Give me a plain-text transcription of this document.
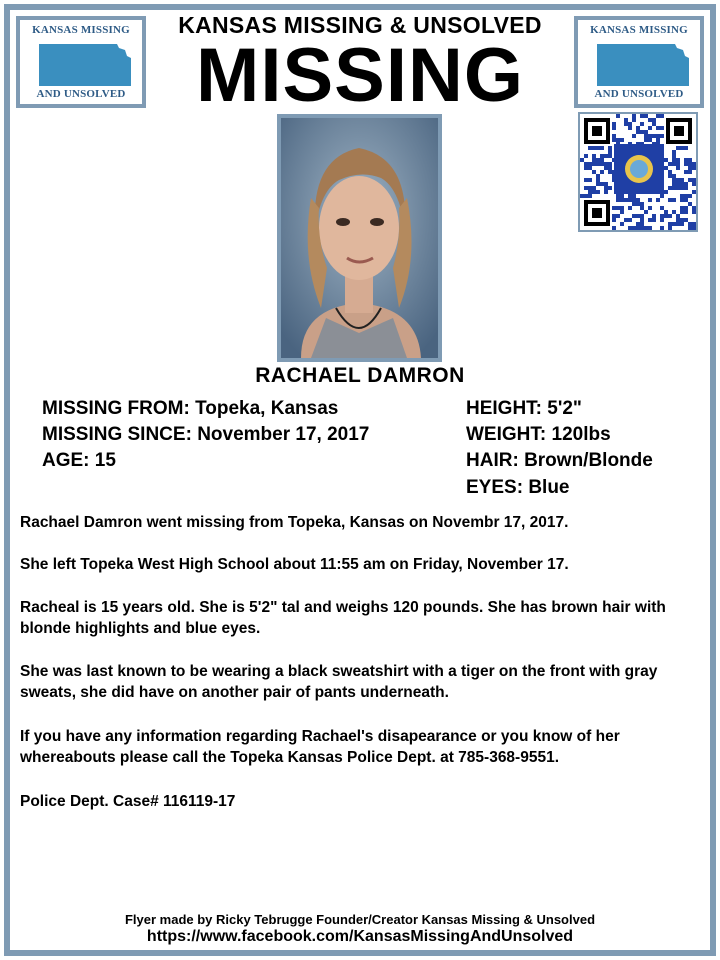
KANSAS MISSING
AND UNSOLVED
KANSAS MISSING
AND UNSOLVED
KANSAS MISSING & UNSOLVED
MISSING
RACHAEL DAMRON
MISSING FROM: Topeka, Kansas
MISSING SINCE: November 17, 2017
AGE: 15
HEIGHT: 5'2"
WEIGHT: 120lbs
HAIR: Brown/Blonde
EYES: Blue
Rachael Damron went missing from Topeka, Kansas on Novembr 17, 2017.
She left Topeka West High School about 11:55 am on Friday, November 17.
Racheal is 15 years old. She is 5'2" tal and weighs 120 pounds. She has brown hair with blonde highlights and blue eyes.
She was last known to be wearing a black sweatshirt with a tiger on the front with gray sweats, she did have on another pair of pants underneath.
If you have any information regarding Rachael's disapearance or you know of her whereabouts please call the Topeka Kansas Police Dept. at 785-368-9551.
Police Dept. Case# 116119-17
Flyer made by Ricky Tebrugge Founder/Creator Kansas Missing & Unsolved
https://www.facebook.com/KansasMissingAndUnsolved
